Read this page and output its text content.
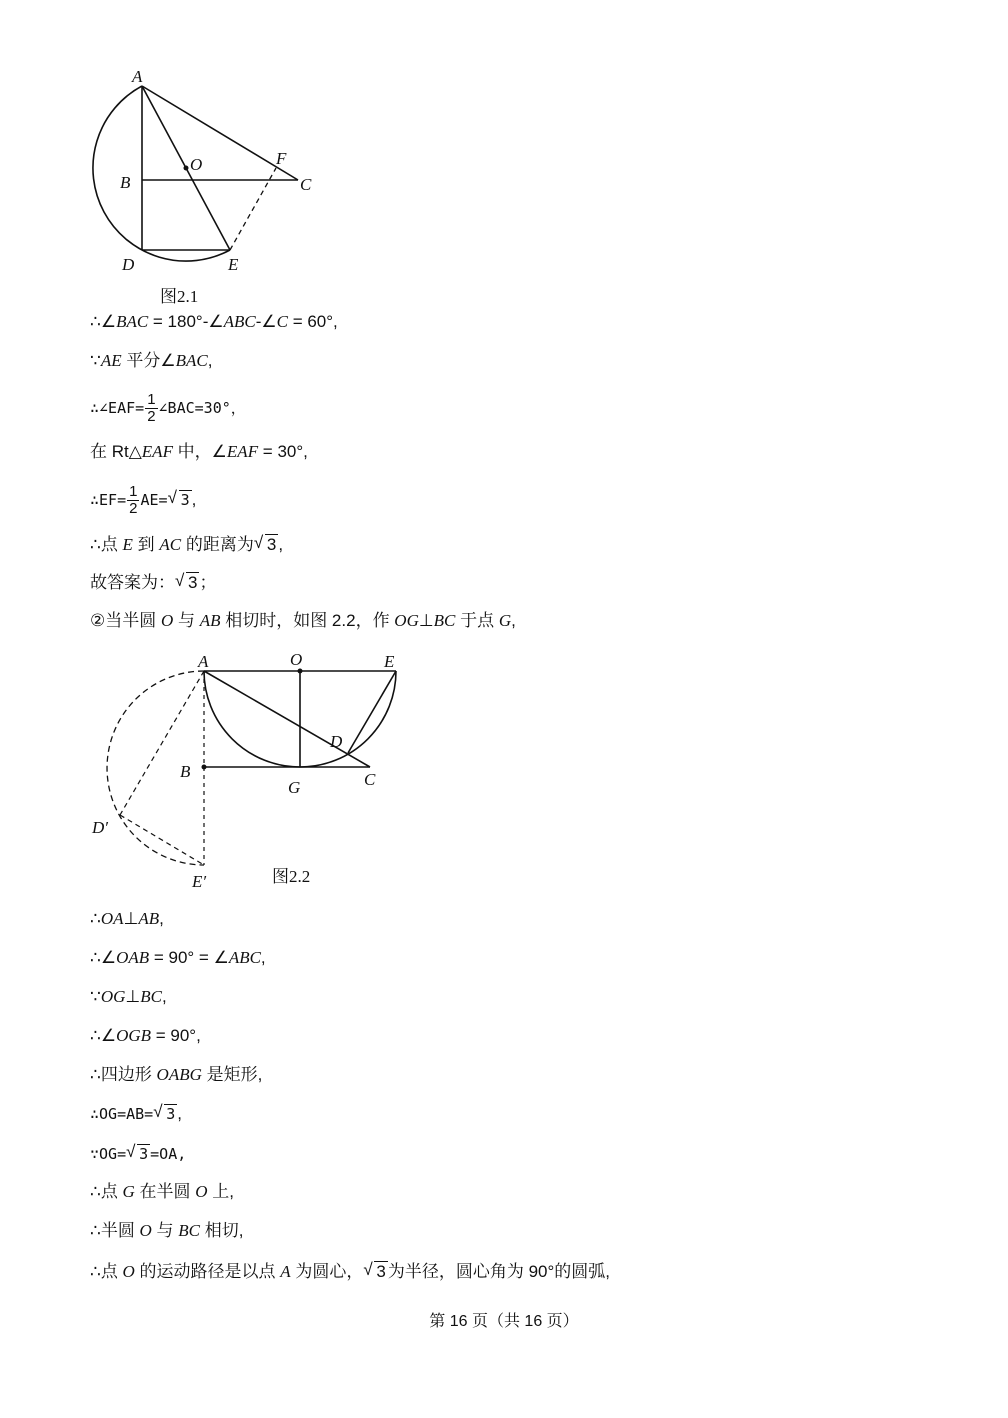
A
O	F
B	C
D	E
图2.1
∴∠BAC = 180°-∠ABC-∠C = 60°,
∵AE 平分∠BAC,
∴∠EAF= $\frac{1}{2}$ ∠BAC=30°，
在 Rt△EAF 中，∠EAF = 30°,
∴EF= $\frac{1}{2} AE=$ √ 3 ,
∴点 E 到 AC 的距离为 √ 3 ,
故答案为： √ 3 ；
②当半圆 O 与 AB 相切时，如图 2.2，作 OG⊥BC 于点 G,
A	O	E
D
B	C
G
D′
E′	图2.2
∴OA⊥AB,
∴∠OAB = 90° = ∠ABC,
∵OG⊥BC,
∴∠OGB = 90°,
∴四边形 OABG 是矩形,
∴OG=AB= √ 3 ,
∵OG= √ 3 =OA,
∴点 G 在半圆 O 上,
∴半圆 O 与 BC 相切,
∴点 O 的运动路径是以点 A 为圆心， √ 3 为半径，圆心角为 90°的圆弧,
第 16 页（共 16 页）
